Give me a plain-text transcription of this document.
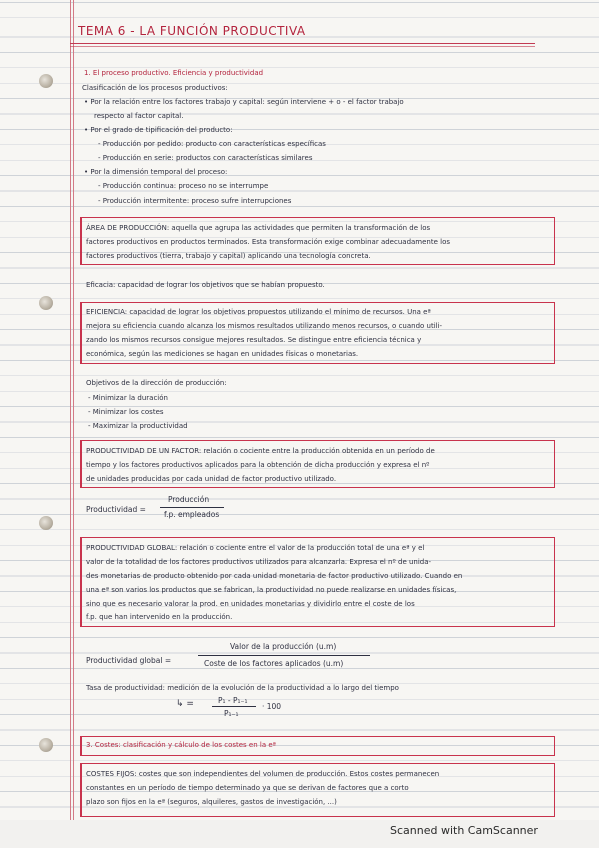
TEMA 6 - LA FUNCIÓN PRODUCTIVA
1. El proceso productivo. Eficiencia y productividad
Clasificación de los procesos productivos:
• Por la relación entre los factores trabajo y capital: según interviene + o - el factor trabajo
respecto al factor capital.
• Por el grado de tipificación del producto:
- Producción por pedido: producto con características específicas
- Producción en serie: productos con características similares
• Por la dimensión temporal del proceso:
- Producción continua: proceso no se interrumpe
- Producción intermitente: proceso sufre interrupciones
ÁREA DE PRODUCCIÓN: aquella que agrupa las actividades que permiten la transformación de los
factores productivos en productos terminados. Esta transformación exige combinar adecuadamente los
factores productivos (tierra, trabajo y capital) aplicando una tecnología concreta.
Eficacia: capacidad de lograr los objetivos que se habían propuesto.
EFICIENCIA: capacidad de lograr los objetivos propuestos utilizando el mínimo de recursos. Una eª
mejora su eficiencia cuando alcanza los mismos resultados utilizando menos recursos, o cuando utili-
zando los mismos recursos consigue mejores resultados. Se distingue entre eficiencia técnica y
económica, según las mediciones se hagan en unidades físicas o monetarias.
Objetivos de la dirección de producción:
- Minimizar la duración
- Minimizar los costes
- Maximizar la productividad
PRODUCTIVIDAD DE UN FACTOR: relación o cociente entre la producción obtenida en un período de
tiempo y los factores productivos aplicados para la obtención de dicha producción y expresa el nº
de unidades producidas por cada unidad de factor productivo utilizado.
Productividad =
Producción
f.p. empleados
PRODUCTIVIDAD GLOBAL: relación o cociente entre el valor de la producción total de una eª y el
valor de la totalidad de los factores productivos utilizados para alcanzarla. Expresa el nº de unida-
des monetarias de producto obtenido por cada unidad monetaria de factor productivo utilizado. Cuando en
una eª son varios los productos que se fabrican, la productividad no puede realizarse en unidades físicas,
sino que es necesario valorar la prod. en unidades monetarias y dividirlo entre el coste de los
f.p. que han intervenido en la producción.
Productividad global =
Valor de la producción (u.m)
Coste de los factores aplicados (u.m)
Tasa de productividad: medición de la evolución de la productividad a lo largo del tiempo
↳ =	P₁ - P₁₋₁
P₁₋₁
· 100
3. Costes: clasificación y cálculo de los costes en la eª
COSTES FIJOS: costes que son independientes del volumen de producción. Estos costes permanecen
constantes en un período de tiempo determinado ya que se derivan de factores que a corto
plazo son fijos en la eª (seguros, alquileres, gastos de investigación, ...)
Scanned with CamScanner
